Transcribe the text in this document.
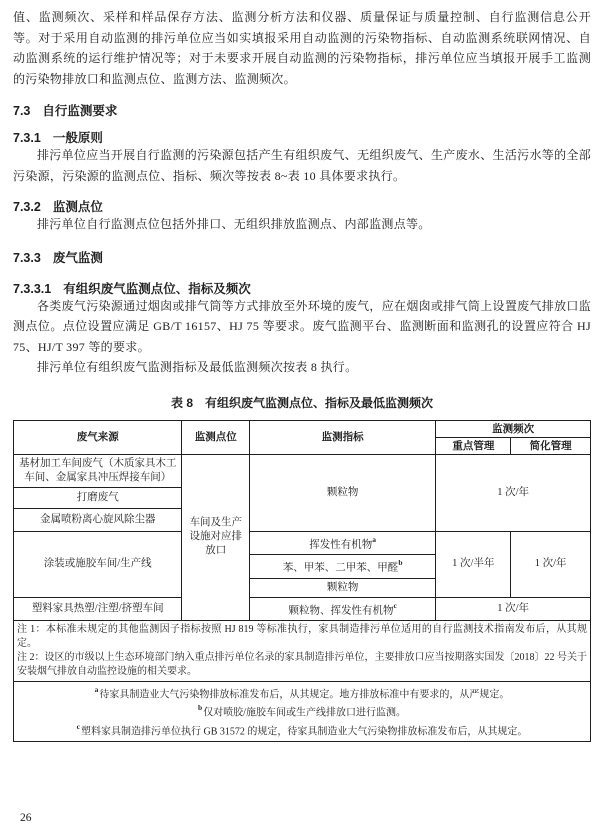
值、监测频次、采样和样品保存方法、监测分析方法和仪器、质量保证与质量控制、自行监测信息公开等。对于采用自动监测的排污单位应当如实填报采用自动监测的污染物指标、自动监测系统联网情况、自动监测系统的运行维护情况等；对于未要求开展自动监测的污染物指标，排污单位应当填报开展手工监测的污染物排放口和监测点位、监测方法、监测频次。

7.3 自行监测要求
7.3.1 一般原则

排污单位应当开展自行监测的污染源包括产生有组织废气、无组织废气、生产废水、生活污水等的全部污染源，污染源的监测点位、指标、频次等按表 8~表 10 具体要求执行。

7.3.2 监测点位

排污单位自行监测点位包括外排口、无组织排放监测点、内部监测点等。

7.3.3 废气监测
7.3.3.1 有组织废气监测点位、指标及频次

各类废气污染源通过烟囱或排气筒等方式排放至外环境的废气，应在烟囱或排气筒上设置废气排放口监测点位。点位设置应满足 GB/T 16157、HJ 75 等要求。废气监测平台、监测断面和监测孔的设置应符合 HJ 75、HJ/T 397 等的要求。

排污单位有组织废气监测指标及最低监测频次按表 8 执行。

表 8　有组织废气监测点位、指标及最低监测频次
废气来源	监测点位	监测指标	监测频次	
			重点管理	简化管理
基材加工车间废气（木质家具木工车间、金属家具冲压焊接车间）	车间及生产设施对应排放口	颗粒物	1 次/年	
打磨废气				
金属喷粉离心旋风除尘器				
涂装或施胶车间/生产线		挥发性有机物$^a$	1 次/半年	1 次/年
		苯、甲苯、二甲苯、甲醛$^b$
		颗粒物		
塑料家具热塑/注塑/挤塑车间		颗粒物、挥发性有机物$^c$	1 次/年	

注 1：本标准未规定的其他监测因子指标按照 HJ 819 等标准执行，家具制造排污单位适用的自行监测技术指南发布后，从其规定。
注 2：设区的市级以上生态环境部门纳入重点排污单位名录的家具制造排污单位，主要排放口应当按期落实国发〔2018〕22 号关于安装烟气排放自动监控设施的相关要求。				

$^a$待家具制造业大气污染物排放标准发布后，从其规定。地方排放标准中有要求的，从严规定。
$^b$仅对喷胶/施胶车间或生产线排放口进行监测。
$^c$塑料家具制造排污单位执行 GB 31572 的规定，待家具制造业大气污染物排放标准发布后，从其规定。				
26
